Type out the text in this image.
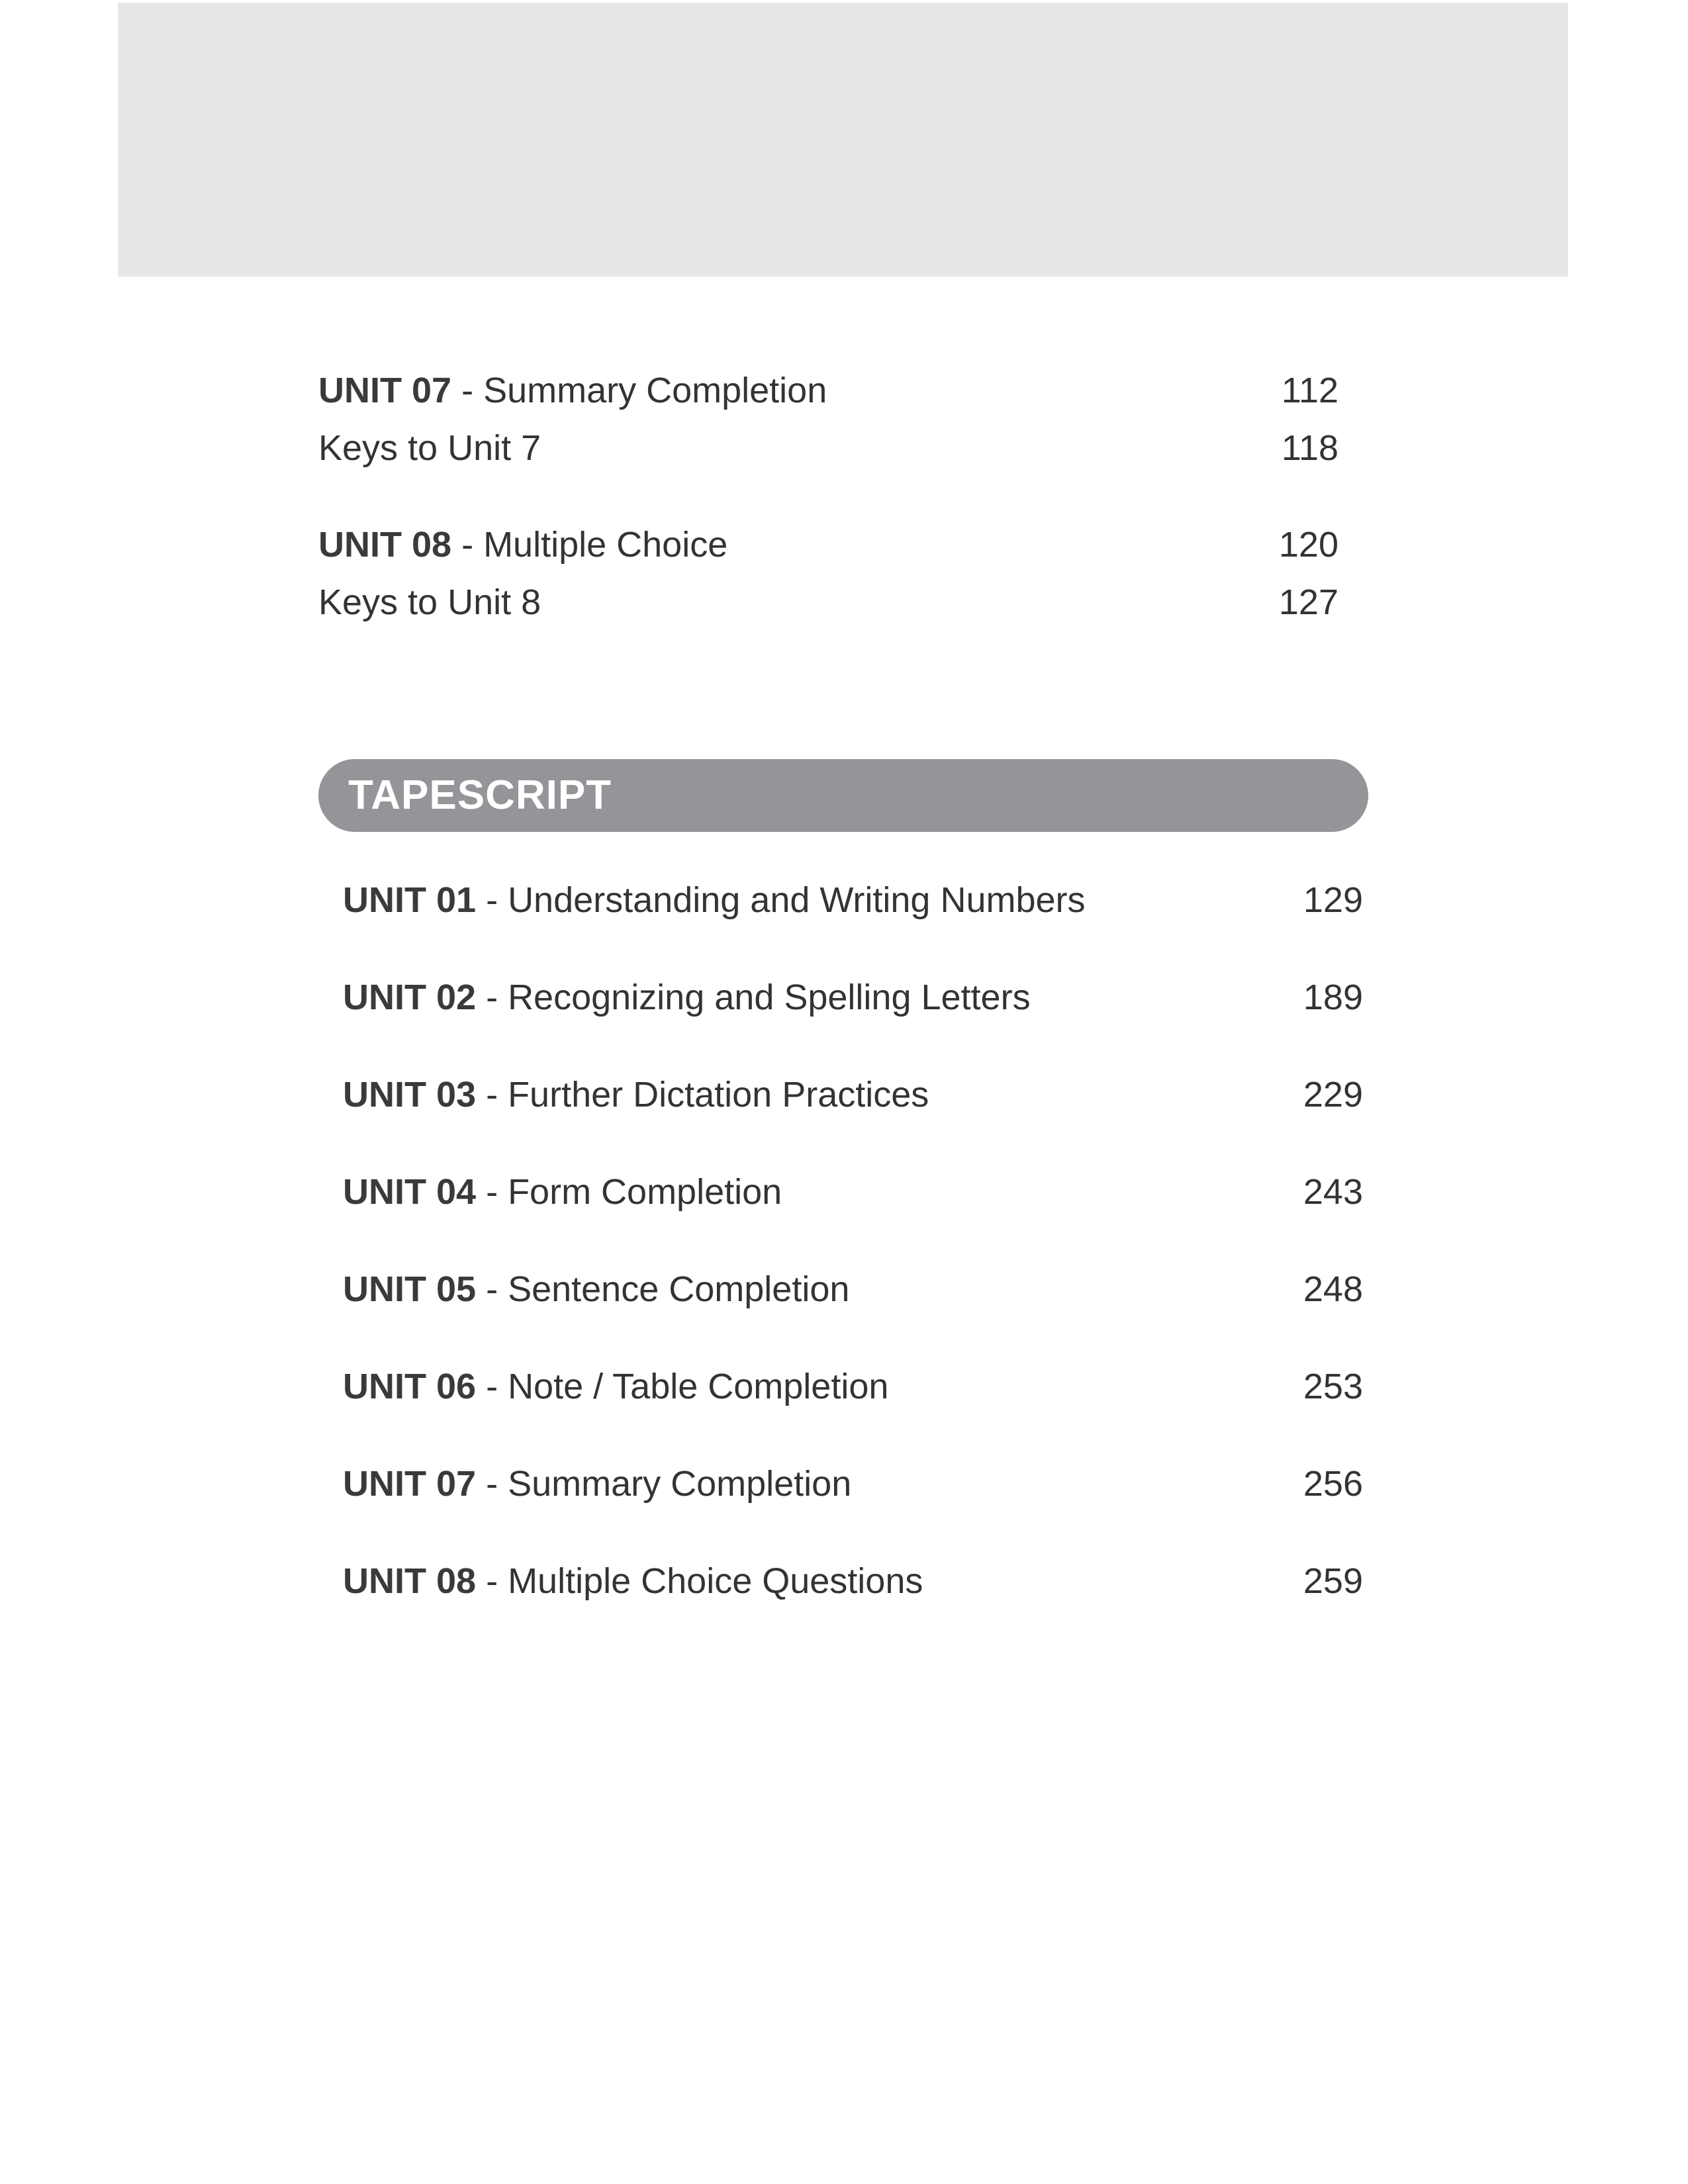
UNIT 07 - Summary Completion	112
Keys to Unit 7	118
UNIT 08 - Multiple Choice	120
Keys to Unit 8	127
TAPESCRIPT
UNIT 01 - Understanding and Writing Numbers	129
UNIT 02 - Recognizing and Spelling Letters	189
UNIT 03 - Further Dictation Practices	229
UNIT 04 - Form Completion	243
UNIT 05 - Sentence Completion	248
UNIT 06 - Note / Table Completion	253
UNIT 07 - Summary Completion	256
UNIT 08 - Multiple Choice Questions	259
